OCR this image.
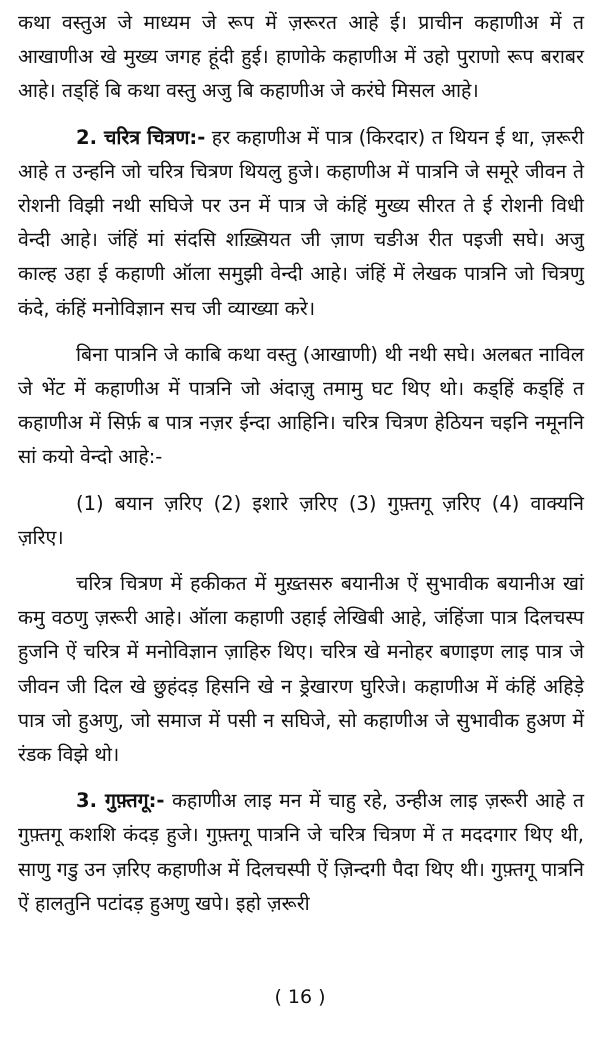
कथा वस्तुअ जे माध्यम जे रूप में ज़रूरत आहे ई। प्राचीन कहाणीअ में त आखाणीअ खे मुख्य जगह हूंदी हुई। हाणोके कहाणीअ में उहो पुराणो रूप बराबर आहे। तड्हिं बि कथा वस्तु अजु बि कहाणीअ जे करंघे मिसल आहे।

2. चरित्र चित्रण:- हर कहाणीअ में पात्र (किरदार) त थियन ई था, ज़रूरी आहे त उन्हनि जो चरित्र चित्रण थियलु हुजे। कहाणीअ में पात्रनि जे समूरे जीवन ते रोशनी विझी नथी सघिजे पर उन में पात्र जे कंहिं मुख्य सीरत ते ई रोशनी विधी वेन्दी आहे। जंहिं मां संदसि शख़्सियत जी ज़ाण चङीअ रीत पइजी सघे। अजु काल्ह उहा ई कहाणी ऑला समुझी वेन्दी आहे। जंहिं में लेखक पात्रनि जो चित्रणु कंदे, कंहिं मनोविज्ञान सच जी व्याख्या करे।

बिना पात्रनि जे काबि कथा वस्तु (आखाणी) थी नथी सघे। अलबत नाविल जे भेंट में कहाणीअ में पात्रनि जो अंदाज़ु तमामु घट थिए थो। कड्हिं कड्हिं त कहाणीअ में सिर्फ़ ब पात्र नज़र ईन्दा आहिनि। चरित्र चित्रण हेठियन चइनि नमूननि सां कयो वेन्दो आहे:-

(1) बयान ज़रिए (2) इशारे ज़रिए (3) गुफ़्तगू ज़रिए (4) वाक्यनि ज़रिए।

चरित्र चित्रण में हकीकत में मुख़्तसरु बयानीअ ऐं सुभावीक बयानीअ खां कमु वठणु ज़रूरी आहे। ऑला कहाणी उहाई लेखिबी आहे, जंहिंजा पात्र दिलचस्प हुजनि ऐं चरित्र में मनोविज्ञान ज़ाहिरु थिए। चरित्र खे मनोहर बणाइण लाइ पात्र जे जीवन जी दिल खे छुहंदड़ हिसनि खे न ड्रेखारण घुरिजे। कहाणीअ में कंहिं अहिड़े पात्र जो हुअणु, जो समाज में पसी न सघिजे, सो कहाणीअ जे सुभावीक हुअण में रंडक विझे थो।

3. गुफ़्तगू:- कहाणीअ लाइ मन में चाहु रहे, उन्हीअ लाइ ज़रूरी आहे त गुफ़्तगू कशशि कंदड़ हुजे। गुफ़्तगू पात्रनि जे चरित्र चित्रण में त मददगार थिए थी, साणु गडु उन ज़रिए कहाणीअ में दिलचस्पी ऐं ज़िन्दगी पैदा थिए थी। गुफ़्तगू पात्रनि ऐं हालतुनि पटांदड़ हुअणु खपे। इहो ज़रूरी

( 16 )
